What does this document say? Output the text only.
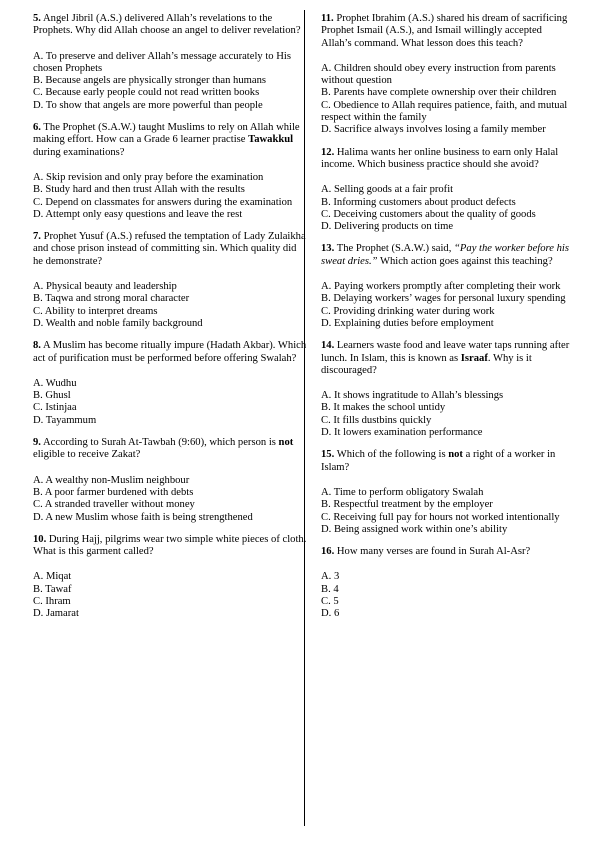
5. Angel Jibril (A.S.) delivered Allah’s revelations to the Prophets. Why did Allah choose an angel to deliver revelation?
A. To preserve and deliver Allah’s message accurately to His chosen Prophets
B. Because angels are physically stronger than humans
C. Because early people could not read written books
D. To show that angels are more powerful than people
6. The Prophet (S.A.W.) taught Muslims to rely on Allah while making effort. How can a Grade 6 learner practise Tawakkul during examinations?
A. Skip revision and only pray before the examination
B. Study hard and then trust Allah with the results
C. Depend on classmates for answers during the examination
D. Attempt only easy questions and leave the rest
7. Prophet Yusuf (A.S.) refused the temptation of Lady Zulaikha and chose prison instead of committing sin. Which quality did he demonstrate?
A. Physical beauty and leadership
B. Taqwa and strong moral character
C. Ability to interpret dreams
D. Wealth and noble family background
8. A Muslim has become ritually impure (Hadath Akbar). Which act of purification must be performed before offering Swalah?
A. Wudhu
B. Ghusl
C. Istinjaa
D. Tayammum
9. According to Surah At-Tawbah (9:60), which person is not eligible to receive Zakat?
A. A wealthy non-Muslim neighbour
B. A poor farmer burdened with debts
C. A stranded traveller without money
D. A new Muslim whose faith is being strengthened
10. During Hajj, pilgrims wear two simple white pieces of cloth. What is this garment called?
A. Miqat
B. Tawaf
C. Ihram
D. Jamarat
11. Prophet Ibrahim (A.S.) shared his dream of sacrificing Prophet Ismail (A.S.), and Ismail willingly accepted Allah’s command. What lesson does this teach?
A. Children should obey every instruction from parents without question
B. Parents have complete ownership over their children
C. Obedience to Allah requires patience, faith, and mutual respect within the family
D. Sacrifice always involves losing a family member
12. Halima wants her online business to earn only Halal income. Which business practice should she avoid?
A. Selling goods at a fair profit
B. Informing customers about product defects
C. Deceiving customers about the quality of goods
D. Delivering products on time
13. The Prophet (S.A.W.) said, “Pay the worker before his sweat dries.” Which action goes against this teaching?
A. Paying workers promptly after completing their work
B. Delaying workers’ wages for personal luxury spending
C. Providing drinking water during work
D. Explaining duties before employment
14. Learners waste food and leave water taps running after lunch. In Islam, this is known as Israaf. Why is it discouraged?
A. It shows ingratitude to Allah’s blessings
B. It makes the school untidy
C. It fills dustbins quickly
D. It lowers examination performance
15. Which of the following is not a right of a worker in Islam?
A. Time to perform obligatory Swalah
B. Respectful treatment by the employer
C. Receiving full pay for hours not worked intentionally
D. Being assigned work within one’s ability
16. How many verses are found in Surah Al-Asr?
A. 3
B. 4
C. 5
D. 6
